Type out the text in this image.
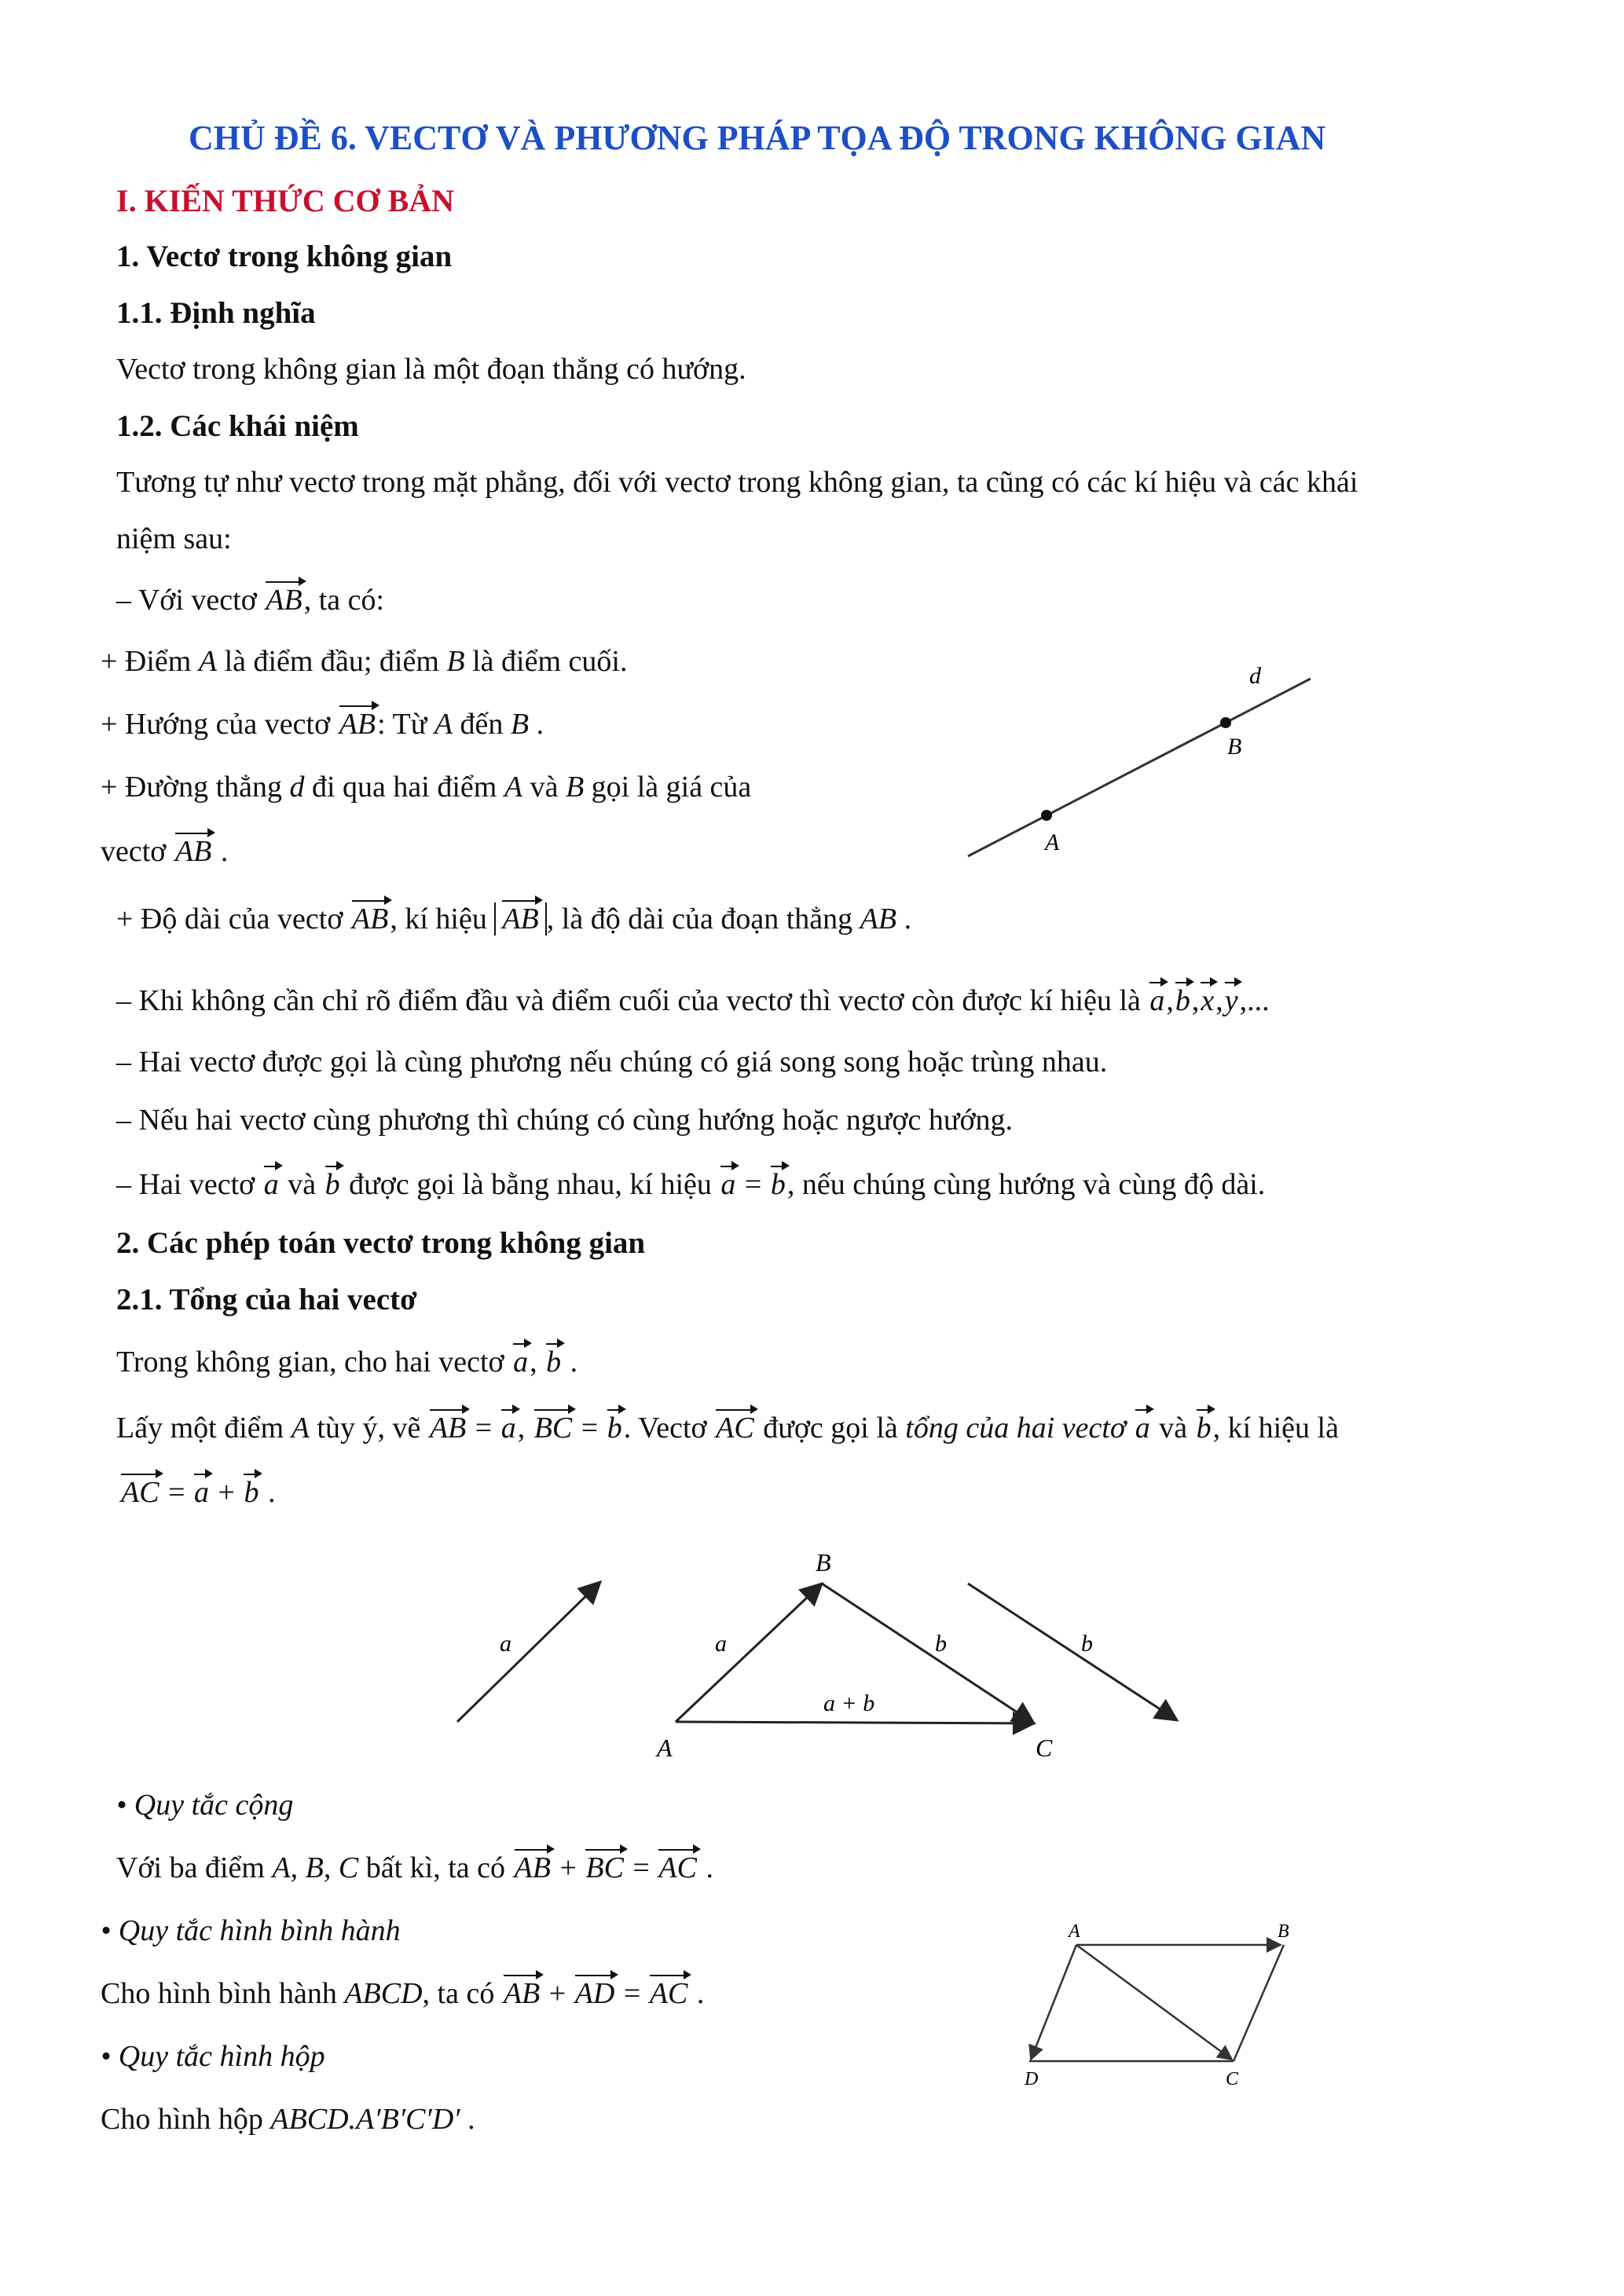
CHỦ ĐỀ 6. VECTƠ VÀ PHƯƠNG PHÁP TỌA ĐỘ TRONG KHÔNG GIAN
I. KIẾN THỨC CƠ BẢN
1. Vectơ trong không gian
1.1. Định nghĩa
Vectơ trong không gian là một đoạn thẳng có hướng.
1.2. Các khái niệm
Tương tự như vectơ trong mặt phẳng, đối với vectơ trong không gian, ta cũng có các kí hiệu và các khái
niệm sau:
– Với vectơ AB, ta có:
+ Điểm A là điểm đầu; điểm B là điểm cuối.
+ Hướng của vectơ AB: Từ A đến B .
+ Đường thẳng d đi qua hai điểm A và B gọi là giá của
vectơ AB .
d
B
A
+ Độ dài của vectơ AB, kí hiệu AB , là độ dài của đoạn thẳng AB .
– Khi không cần chỉ rõ điểm đầu và điểm cuối của vectơ thì vectơ còn được kí hiệu là a,b,x,y,...
– Hai vectơ được gọi là cùng phương nếu chúng có giá song song hoặc trùng nhau.
– Nếu hai vectơ cùng phương thì chúng có cùng hướng hoặc ngược hướng.
– Hai vectơ a và b được gọi là bằng nhau, kí hiệu a = b, nếu chúng cùng hướng và cùng độ dài.
2. Các phép toán vectơ trong không gian
2.1. Tổng của hai vectơ
Trong không gian, cho hai vectơ a, b .
Lấy một điểm A tùy ý, vẽ AB = a, BC = b. Vectơ AC được gọi là tổng của hai vectơ a và b, kí hiệu là
AC = a + b .
a	a	b
a + b
b
B
A	C
• Quy tắc cộng
Với ba điểm A, B, C bất kì, ta có AB + BC = AC .
• Quy tắc hình bình hành
Cho hình bình hành ABCD, ta có AB + AD = AC .
• Quy tắc hình hộp
Cho hình hộp ABCD.A′B′C′D′ .
A	B
D	C
